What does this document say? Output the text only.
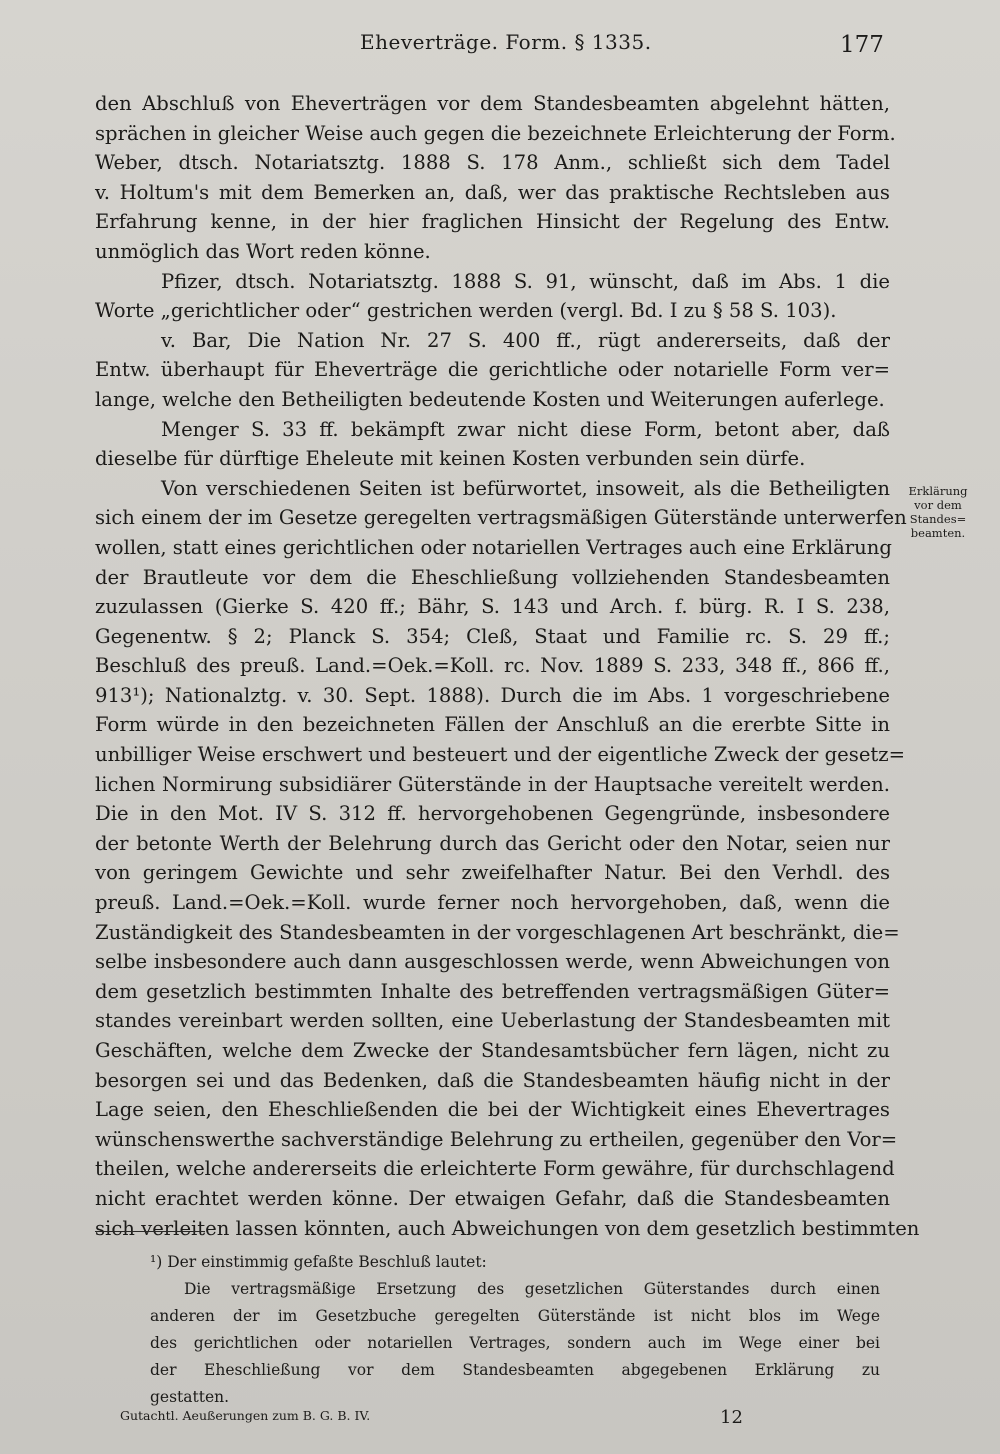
Eheverträge. Form. § 1335.	177
den Abschluß von Eheverträgen vor dem Standesbeamten abgelehnt hätten,
sprächen in gleicher Weise auch gegen die bezeichnete Erleichterung der Form.
Weber, dtsch. Notariatsztg. 1888 S. 178 Anm., schließt sich dem Tadel
v. Holtum's mit dem Bemerken an, daß, wer das praktische Rechtsleben aus
Erfahrung kenne, in der hier fraglichen Hinsicht der Regelung des Entw.
unmöglich das Wort reden könne.
Pfizer, dtsch. Notariatsztg. 1888 S. 91, wünscht, daß im Abs. 1 die
Worte „gerichtlicher oder“ gestrichen werden (vergl. Bd. I zu § 58 S. 103).
v. Bar, Die Nation Nr. 27 S. 400 ff., rügt andererseits, daß der
Entw. überhaupt für Eheverträge die gerichtliche oder notarielle Form ver=
lange, welche den Betheiligten bedeutende Kosten und Weiterungen auferlege.
Menger S. 33 ff. bekämpft zwar nicht diese Form, betont aber, daß
dieselbe für dürftige Eheleute mit keinen Kosten verbunden sein dürfe.
Von verschiedenen Seiten ist befürwortet, insoweit, als die Betheiligten
sich einem der im Gesetze geregelten vertragsmäßigen Güterstände unterwerfen
wollen, statt eines gerichtlichen oder notariellen Vertrages auch eine Erklärung
der Brautleute vor dem die Eheschließung vollziehenden Standesbeamten
zuzulassen (Gierke S. 420 ff.; Bähr, S. 143 und Arch. f. bürg. R. I S. 238,
Gegenentw. § 2; Planck S. 354; Cleß, Staat und Familie rc. S. 29 ff.;
Beschluß des preuß. Land.=Oek.=Koll. rc. Nov. 1889 S. 233, 348 ff., 866 ff.,
913¹); Nationalztg. v. 30. Sept. 1888). Durch die im Abs. 1 vorgeschriebene
Form würde in den bezeichneten Fällen der Anschluß an die ererbte Sitte in
unbilliger Weise erschwert und besteuert und der eigentliche Zweck der gesetz=
lichen Normirung subsidiärer Güterstände in der Hauptsache vereitelt werden.
Die in den Mot. IV S. 312 ff. hervorgehobenen Gegengründe, insbesondere
der betonte Werth der Belehrung durch das Gericht oder den Notar, seien nur
von geringem Gewichte und sehr zweifelhafter Natur. Bei den Verhdl. des
preuß. Land.=Oek.=Koll. wurde ferner noch hervorgehoben, daß, wenn die
Zuständigkeit des Standesbeamten in der vorgeschlagenen Art beschränkt, die=
selbe insbesondere auch dann ausgeschlossen werde, wenn Abweichungen von
dem gesetzlich bestimmten Inhalte des betreffenden vertragsmäßigen Güter=
standes vereinbart werden sollten, eine Ueberlastung der Standesbeamten mit
Geschäften, welche dem Zwecke der Standesamtsbücher fern lägen, nicht zu
besorgen sei und das Bedenken, daß die Standesbeamten häufig nicht in der
Lage seien, den Eheschließenden die bei der Wichtigkeit eines Ehevertrages
wünschenswerthe sachverständige Belehrung zu ertheilen, gegenüber den Vor=
theilen, welche andererseits die erleichterte Form gewähre, für durchschlagend
nicht erachtet werden könne. Der etwaigen Gefahr, daß die Standesbeamten
sich verleiten lassen könnten, auch Abweichungen von dem gesetzlich bestimmten
Erklärung vor dem Standes= beamten.
¹) Der einstimmig gefaßte Beschluß lautet:
Die vertragsmäßige Ersetzung des gesetzlichen Güterstandes durch einen
anderen der im Gesetzbuche geregelten Güterstände ist nicht blos im Wege
des gerichtlichen oder notariellen Vertrages, sondern auch im Wege einer bei
der Eheschließung vor dem Standesbeamten abgegebenen Erklärung zu
gestatten.
Gutachtl. Aeußerungen zum B. G. B. IV.	12
